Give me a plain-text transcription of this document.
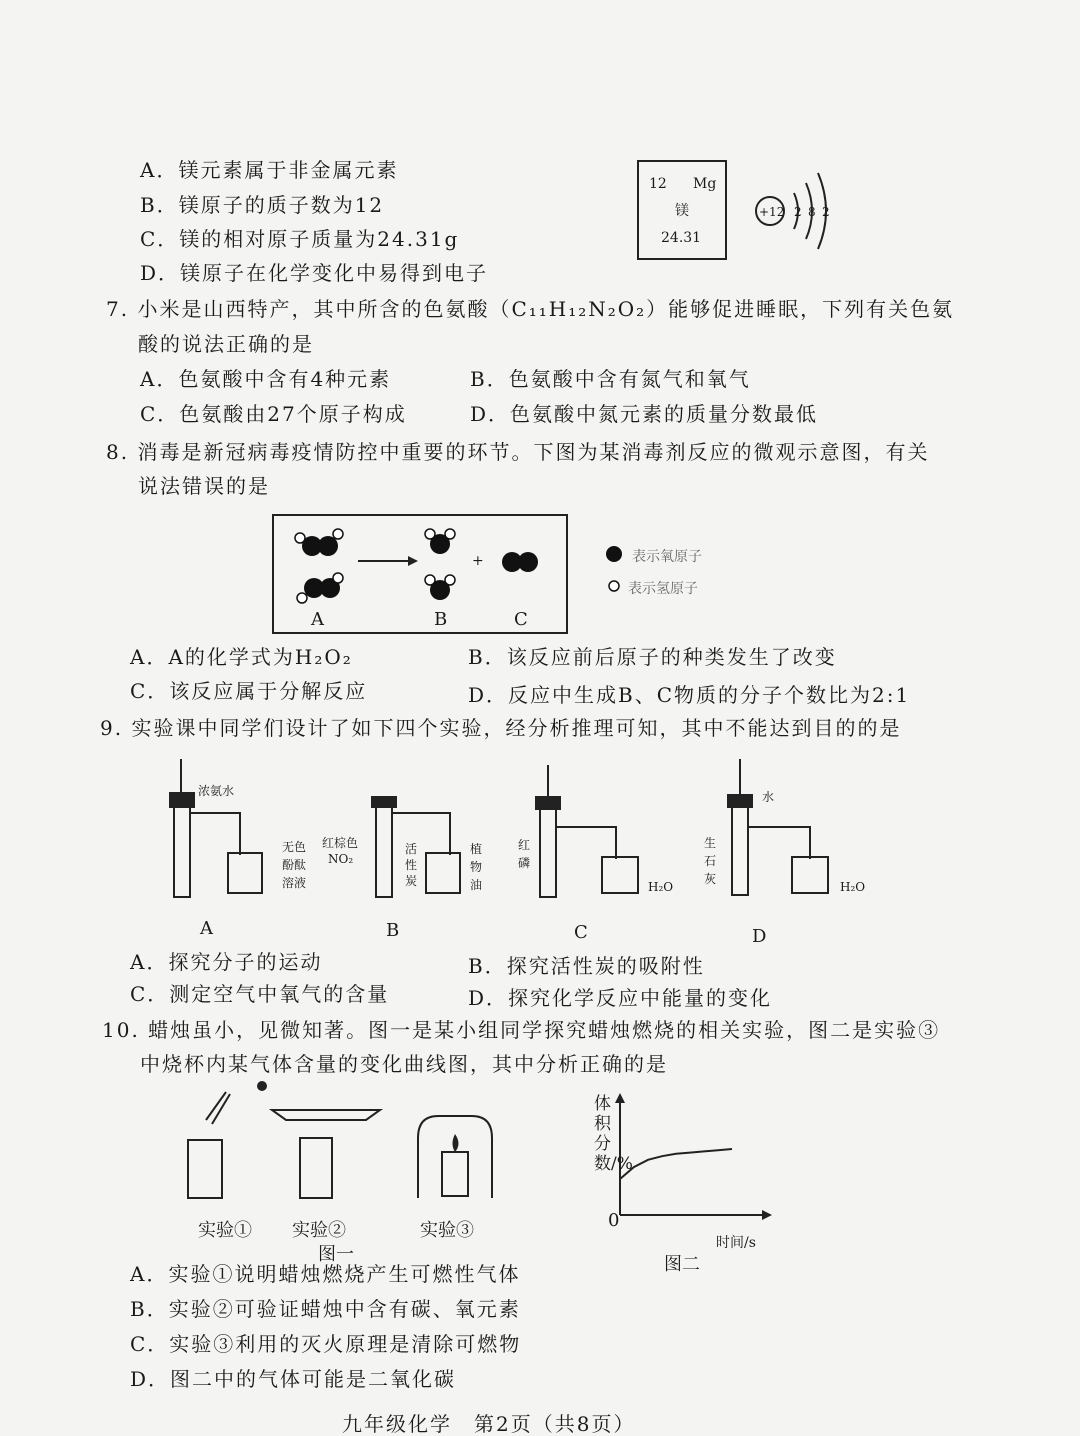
A．镁元素属于非金属元素
B．镁原子的质子数为12
C．镁的相对原子质量为24.31g
D．镁原子在化学变化中易得到电子
12 Mg
镁
24.31
+12 2 8 2
7. 小米是山西特产，其中所含的色氨酸（C₁₁H₁₂N₂O₂）能够促进睡眠，下列有关色氨
酸的说法正确的是
A．色氨酸中含有4种元素	B．色氨酸中含有氮气和氧气
C．色氨酸由27个原子构成	D．色氨酸中氮元素的质量分数最低
8. 消毒是新冠病毒疫情防控中重要的环节。下图为某消毒剂反应的微观示意图，有关
说法错误的是
+
A	B	C
表示氧原子
表示氢原子
A．A的化学式为H₂O₂	B．该反应前后原子的种类发生了改变
C．该反应属于分解反应	D．反应中生成B、C物质的分子个数比为2:1
9. 实验课中同学们设计了如下四个实验，经分析推理可知，其中不能达到目的的是
浓氨水
无色
酚酞
溶液
A
红棕色
NO₂
活
性
炭
植
物
油
B
红
磷
H₂O
C
水
生
石
灰
H₂O
D
A．探究分子的运动	B．探究活性炭的吸附性
C．测定空气中氧气的含量	D．探究化学反应中能量的变化
10. 蜡烛虽小，见微知著。图一是某小组同学探究蜡烛燃烧的相关实验，图二是实验③
中烧杯内某气体含量的变化曲线图，其中分析正确的是
实验① 实验②	实验③
图一
体积分数/%
0
时间/s
图二
A．实验①说明蜡烛燃烧产生可燃性气体
B．实验②可验证蜡烛中含有碳、氧元素
C．实验③利用的灭火原理是清除可燃物
D．图二中的气体可能是二氧化碳
九年级化学　第2页（共8页）
